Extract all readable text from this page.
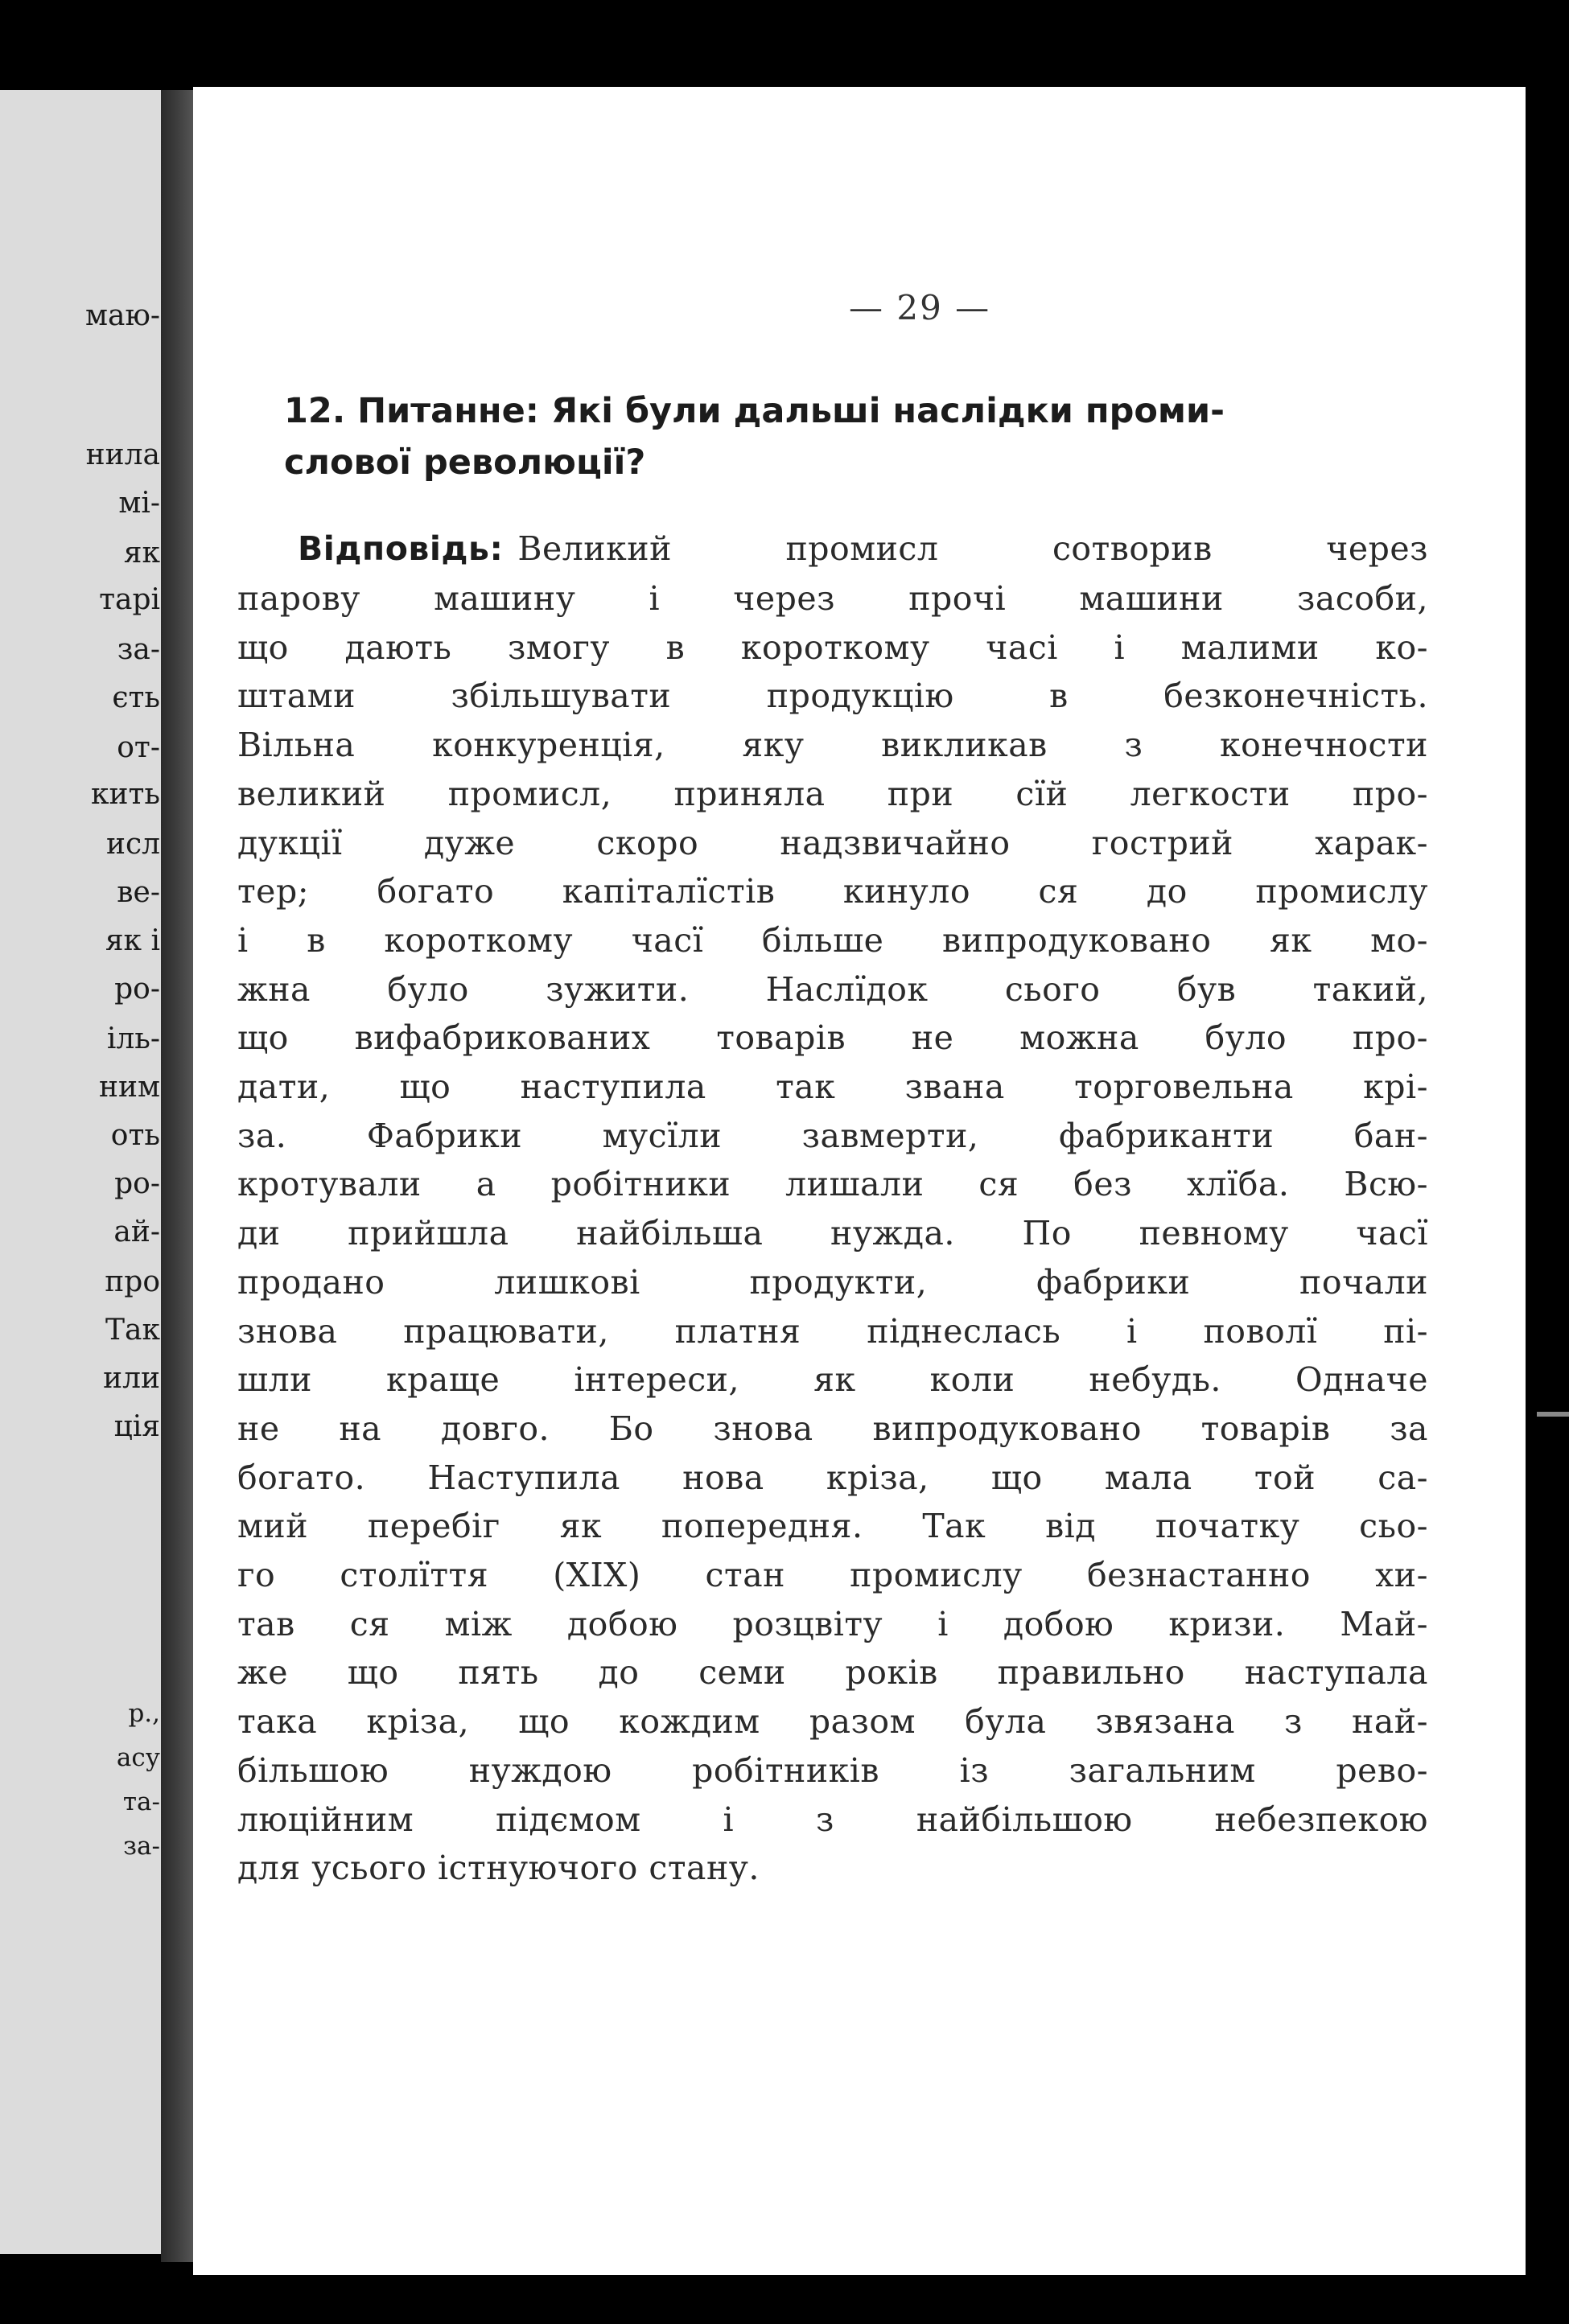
маю-
нила
мі-
як
тарі
за-
єть
от-
кить
исл
ве-
як і
ро-
іль-
ним
оть
ро-
ай-
про
Так
или
ція
р.,
асу
та-
за-
— 29 —
12. Питанне: Які були дальші наслідки проми-
слової революції?
Відповідь: Великий промисл сотворив через
парову машину і через прочі машини засоби,
що дають змогу в короткому часі і малими ко-
штами збільшувати продукцію в безконечність.
Вільна конкуренція, яку викликав з конечности
великий промисл, приняла при сїй легкости про-
дукції дуже скоро надзвичайно гострий харак-
тер; богато капіталїстів кинуло ся до промислу
і в короткому часї більше випродуковано як мо-
жна було зужити. Наслїдок сього був такий,
що вифабрикованих товарів не можна було про-
дати, що наступила так звана торговельна крі-
за. Фабрики мусїли завмерти, фабриканти бан-
кротували а робітники лишали ся без хлїба. Всю-
ди прийшла найбільша нужда. По певному часї
продано лишкові продукти, фабрики почали
знова працювати, платня піднеслась і поволї пі-
шли краще інтереси, як коли небудь. Одначе
не на довго. Бо знова випродуковано товарів за
богато. Наступила нова кріза, що мала той са-
мий перебіг як попередня. Так від початку сьо-
го столїття (XIX) стан промислу безнастанно хи-
тав ся між добою розцвіту і добою кризи. Май-
же що пять до семи років правильно наступала
така кріза, що кождим разом була звязана з най-
більшою нуждою робітників із загальним рево-
люційним підємом і з найбільшою небезпекою
для усього істнуючого стану.
